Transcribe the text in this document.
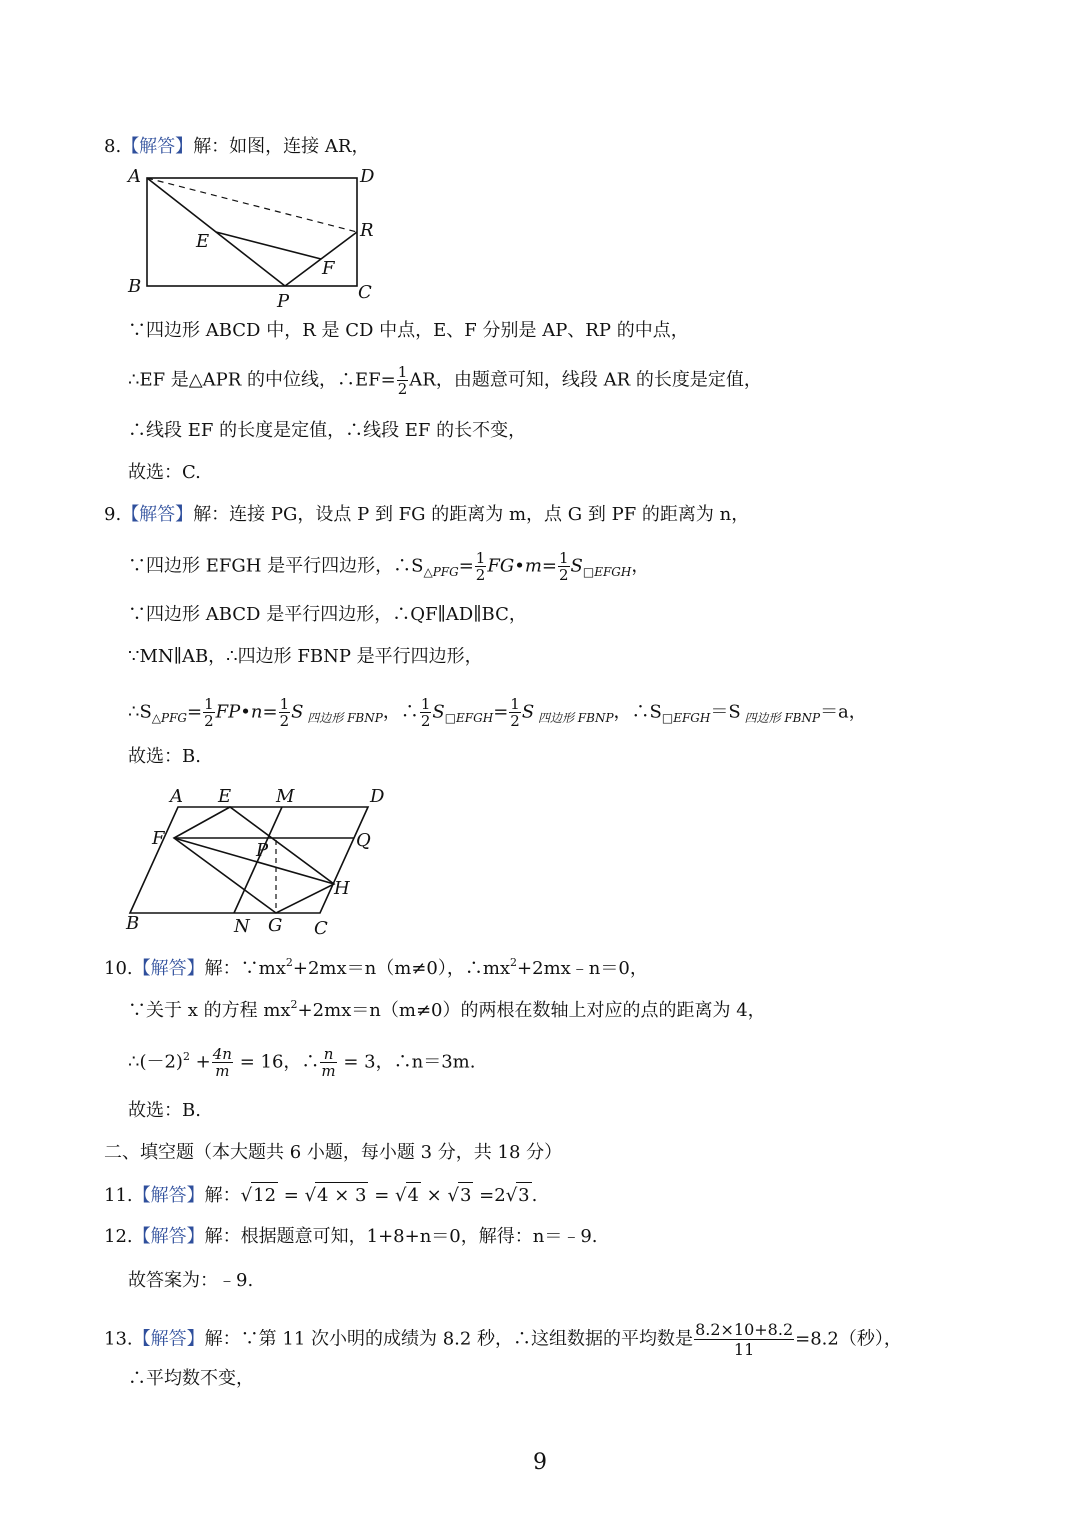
8.【解答】解：如图，连接 AR，
A	D
R
E
F
B	C
P
∵四边形 ABCD 中，R 是 CD 中点，E、F 分别是 AP、RP 的中点，
∴EF 是△APR 的中位线，∴EF= $\frac{1}{2}$ AR，由题意可知，线段 AR 的长度是定值，
∴线段 EF 的长度是定值，∴线段 EF 的长不变，
故选：C.
9.【解答】解：连接 PG，设点 P 到 FG 的距离为 m，点 G 到 PF 的距离为 n，
∵四边形 EFGH 是平行四边形，$\therefore S_{\triangle PFG}= \frac{1}{2}$ FG•m= $\frac{1}{2} S_{□EFGH}$，
∵四边形 ABCD 是平行四边形，∴QF∥AD∥BC，
∵MN∥AB，∴四边形 FBNP 是平行四边形，
$\therefore S_{\triangle PFG}= \frac{1}{2}$ FP•n= $\frac{1}{2}$ S $_{四边形 FBNP}$，∴ $\frac{1}{2} S_{□EFGH}= \frac{1}{2}$ S $_{四边形 FBNP}$，$\therefore S_{□EFGH}=S$ $_{四边形 FBNP}$＝a，
故选：B.
A E M	D
F	Q
P
H
B	N G C
10.【解答】解：$\because mx^2+2mx=n(m\ne 0)$，$\therefore mx^2+2mx﹣n=0$，
∵关于 x 的方程 $mx^2+2mx=n(m\ne 0)$的两根在数轴上对应的点的距离为 4，
$\therefore(-2)^2 + \frac{4n}{m} = 16$，∴ $\frac{n}{m} = 3$，∴n＝3m.
故选：B.
二、填空题（本大题共 6 小题，每小题 3 分，共 18 分）
11.【解答】解：√12 = √4 × 3 = √4 × √3 =2√3 .
12.【解答】解：根据题意可知，1+8+n＝0，解得：n＝﹣9.
故答案为：﹣9.
13.【解答】解：∵第 11 次小明的成绩为 8.2 秒，∴这组数据的平均数是 $\frac{8.2\times 10+8.2}{11} =8.2$（秒），
∴平均数不变，
9
